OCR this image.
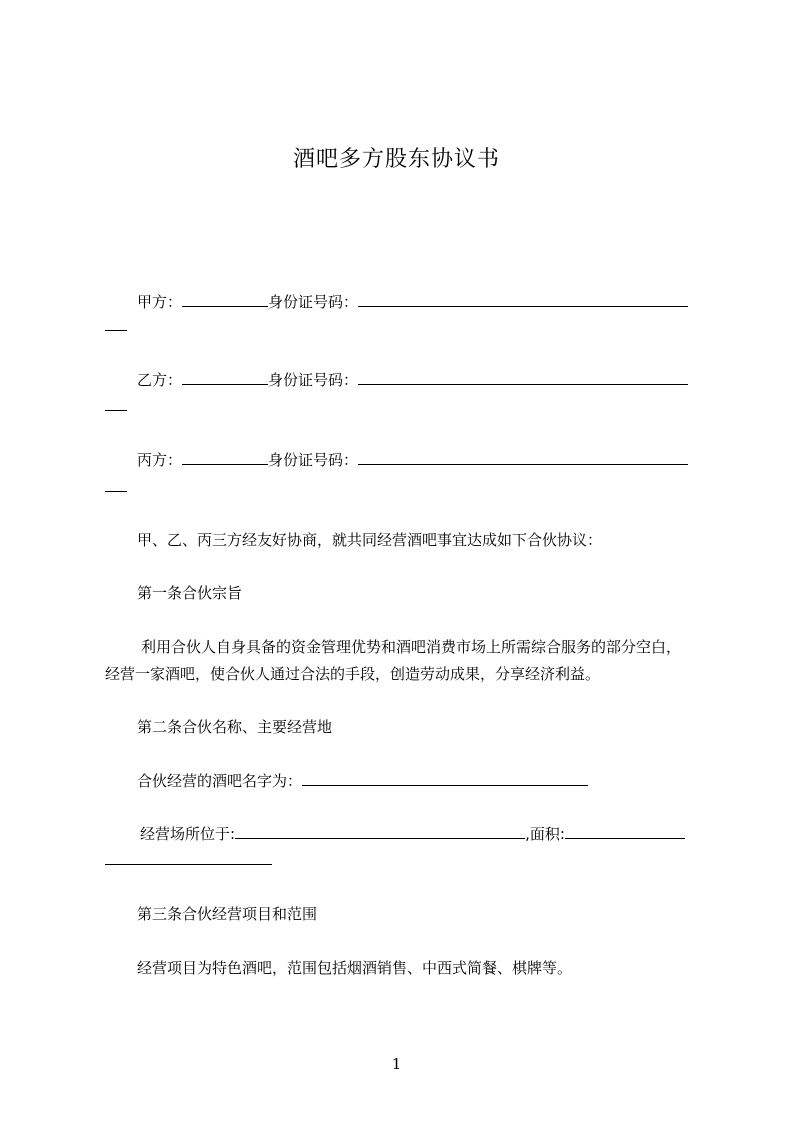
酒吧多方股东协议书
甲方：	身份证号码：
乙方：	身份证号码：
丙方：	身份证号码：
甲、乙、丙三方经友好协商，就共同经营酒吧事宜达成如下合伙协议：
第一条合伙宗旨
利用合伙人自身具备的资金管理优势和酒吧消费市场上所需综合服务的部分空白，
经营一家酒吧，使合伙人通过合法的手段，创造劳动成果，分享经济利益。
第二条合伙名称、主要经营地
合伙经营的酒吧名字为：
经营场所位于:	,面积:
第三条合伙经营项目和范围
经营项目为特色酒吧，范围包括烟酒销售、中西式简餐、棋牌等。
1
